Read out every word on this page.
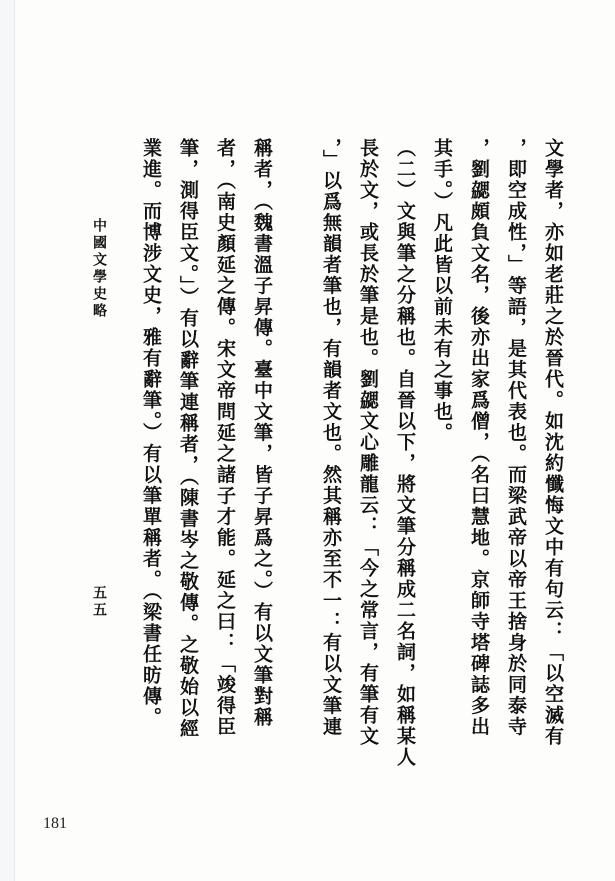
文學者，亦如老莊之於晉代。如沈約懺悔文中有句云：「以空滅有
，即空成性，」等語，是其代表也。而梁武帝以帝王捨身於同泰寺
，劉勰頗負文名，後亦出家爲僧，（名曰慧地。京師寺塔碑誌多出
其手。）凡此皆以前未有之事也。
（二）文與筆之分稱也。自晉以下，將文筆分稱成二名詞，如稱某人
長於文，或長於筆是也。劉勰文心雕龍云：「今之常言，有筆有文
，」以爲無韻者筆也，有韻者文也。然其稱亦至不一：有以文筆連
稱者，（魏書溫子昇傳。臺中文筆，皆子昇爲之。）有以文筆對稱
者，（南史顏延之傳。宋文帝問延之諸子才能。延之曰：「竣得臣
筆，測得臣文。」）有以辭筆連稱者，（陳書岑之敬傳。之敬始以經
業進。而博涉文史，雅有辭筆。）有以筆單稱者。（梁書任昉傳。
中國文學史略
五五
181
